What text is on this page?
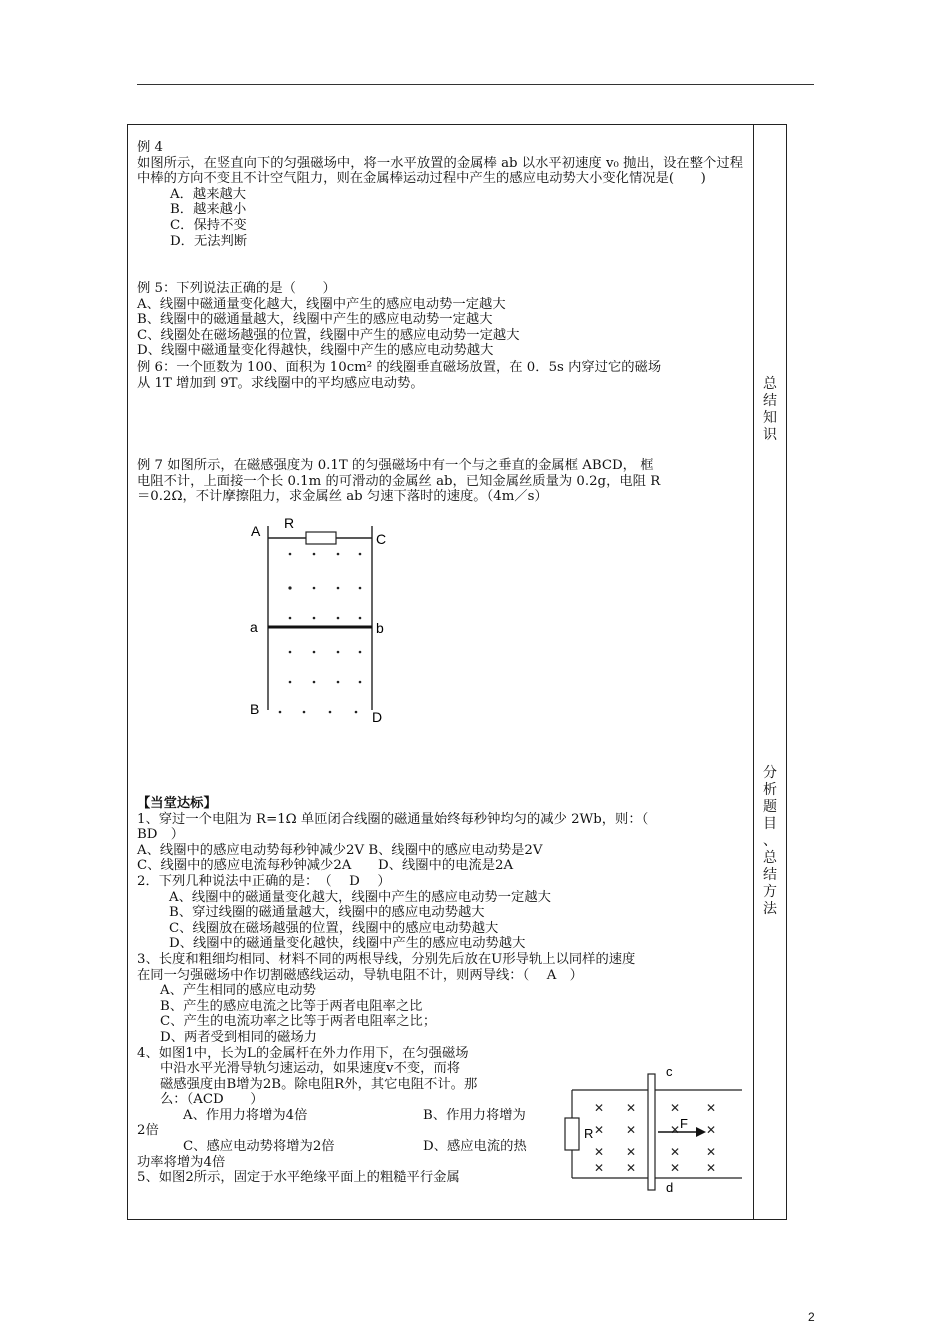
总
结
知
识
分
析
题
目
、
总
结
方
法
例 4
如图所示，在竖直向下的匀强磁场中，将一水平放置的金属棒 ab 以水平初速度 v₀ 抛出，设在整个过程中棒的方向不变且不计空气阻力，则在金属棒运动过程中产生的感应电动势大小变化情况是(　　)
A．越来越大
B．越来越小
C．保持不变
D．无法判断
例 5：下列说法正确的是（　　）
A、线圈中磁通量变化越大，线圈中产生的感应电动势一定越大
B、线圈中的磁通量越大，线圈中产生的感应电动势一定越大
C、线圈处在磁场越强的位置，线圈中产生的感应电动势一定越大
D、线圈中磁通量变化得越快，线圈中产生的感应电动势越大
例 6：一个匝数为 100、面积为 10cm² 的线圈垂直磁场放置，在 0．5s 内穿过它的磁场
从 1T 增加到 9T。求线圈中的平均感应电动势。
例 7 如图所示，在磁感强度为 0.1T 的匀强磁场中有一个与之垂直的金属框 ABCD， 框
电阻不计，上面接一个长 0.1m 的可滑动的金属丝 ab，已知金属丝质量为 0.2g，电阻 R
＝0.2Ω，不计摩擦阻力，求金属丝 ab 匀速下落时的速度。（4m／s）
A R
C
a	b
B	D
【当堂达标】
1、穿过一个电阻为 R=1Ω 单匝闭合线圈的磁通量始终每秒钟均匀的减少 2Wb，则：（
BD　）
A、线圈中的感应电动势每秒钟减少2V B、线圈中的感应电动势是2V
C、线圈中的感应电流每秒钟减少2A　　D、线圈中的电流是2A
2．下列几种说法中正确的是：　（　 D　 ）
A、线圈中的磁通量变化越大，线圈中产生的感应电动势一定越大
B、穿过线圈的磁通量越大，线圈中的感应电动势越大
C、线圈放在磁场越强的位置，线圈中的感应电动势越大
D、线圈中的磁通量变化越快，线圈中产生的感应电动势越大
3、长度和粗细均相同、材料不同的两根导线，分别先后放在U形导轨上以同样的速度
在同一匀强磁场中作切割磁感线运动，导轨电阻不计，则两导线：（　 A　）
A、产生相同的感应电动势
B、产生的感应电流之比等于两者电阻率之比
C、产生的电流功率之比等于两者电阻率之比；
D、两者受到相同的磁场力
4、如图1中，长为L的金属杆在外力作用下，在匀强磁场
中沿水平光滑导轨匀速运动，如果速度v不变，而将
磁感强度由B增为2B。除电阻R外，其它电阻不计。那
么：（ACD　　）
A、作用力将增为4倍	B、作用力将增为
2倍
C、感应电动势将增为2倍	D、感应电流的热
功率将增为4倍
5、如图2所示，固定于水平绝缘平面上的粗糙平行金属
✕ ✕	✕ ✕
✕ ✕	✕ ✕
✕ ✕	✕ ✕
✕ ✕	✕ ✕
c
R
F
d
2
